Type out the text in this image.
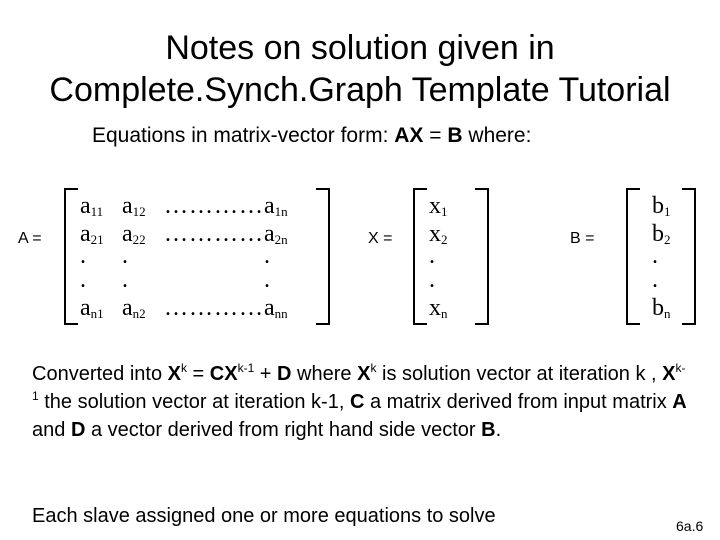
Notes on solution given in
Complete.Synch.Graph Template Tutorial
Equations in matrix-vector form: AX = B where:
A =	X =	B =
$a_{11}$ $a_{12}$ ………… $a_{1n}$
$a_{21}$ $a_{22}$ ………… $a_{2n}$
. .	.
. .	.
$a_{n1}$ $a_{n2}$ ………… $a_{nn}$
$x_1$
$x_2$
.
.
$x_n$
$b_1$
$b_2$
.
.
$b_n$
Converted into $X^k = CX^{k-1} + D$ where $X^k$ is solution vector at iteration k , $X^{k-1}$ the solution vector at iteration k-1, C a matrix derived from input matrix A and D a vector derived from right hand side vector B.
Each slave assigned one or more equations to solve	6a.6
